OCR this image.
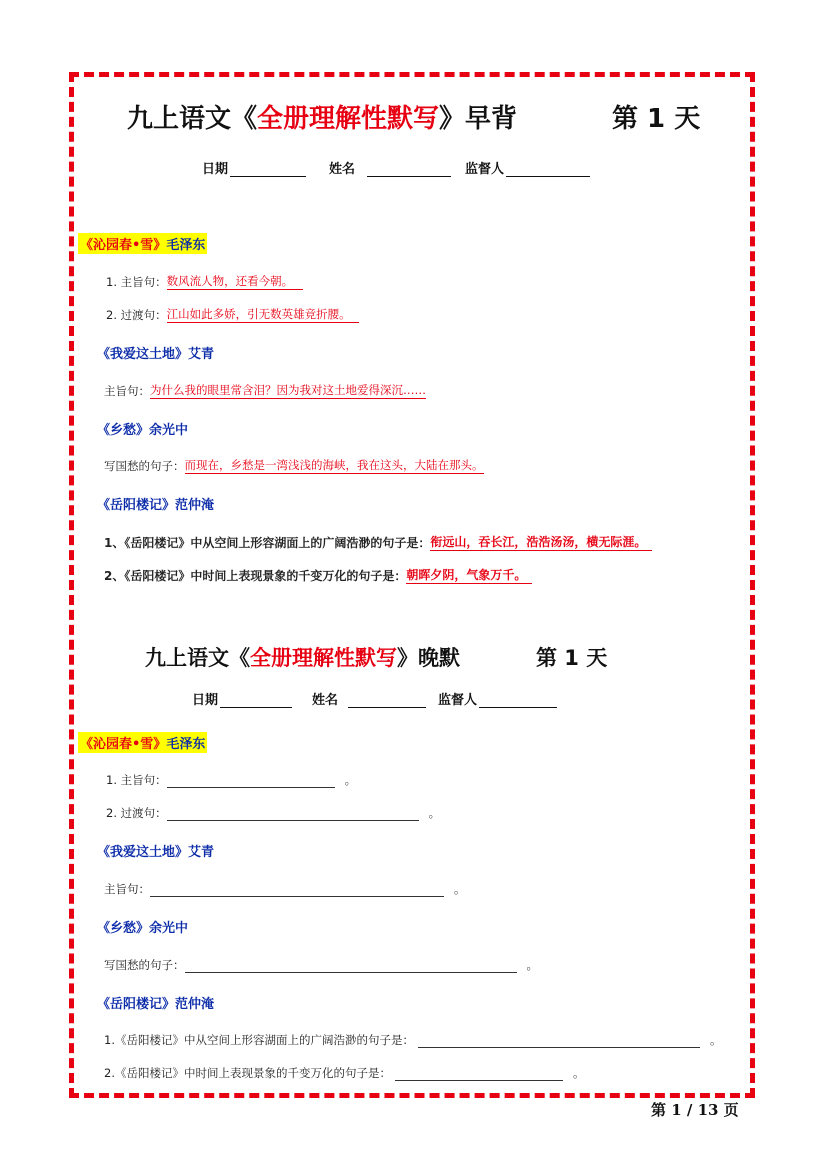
九上语文《全册理解性默写》早背	第 1 天
日期	姓名	监督人
《沁园春•雪》毛泽东
1. 主旨句： 数风流人物，还看今朝。
2. 过渡句： 江山如此多娇，引无数英雄竞折腰。
《我爱这土地》艾青
主旨句： 为什么我的眼里常含泪？因为我对这土地爱得深沉……
《乡愁》余光中
写国愁的句子： 而现在，乡愁是一湾浅浅的海峡，我在这头，大陆在那头。
《岳阳楼记》范仲淹
1、《岳阳楼记》中从空间上形容湖面上的广阔浩渺的句子是： 衔远山，吞长江，浩浩汤汤，横无际涯。
2、《岳阳楼记》中时间上表现景象的千变万化的句子是： 朝晖夕阴，气象万千。
九上语文《全册理解性默写》晚默	第 1 天
日期	姓名	监督人
《沁园春•雪》毛泽东
1. 主旨句：	。
2. 过渡句：	。
《我爱这土地》艾青
主旨句：	。
《乡愁》余光中
写国愁的句子：	。
《岳阳楼记》范仲淹
1.《岳阳楼记》中从空间上形容湖面上的广阔浩渺的句子是：	。
2.《岳阳楼记》中时间上表现景象的千变万化的句子是：	。
第 1 / 13 页
